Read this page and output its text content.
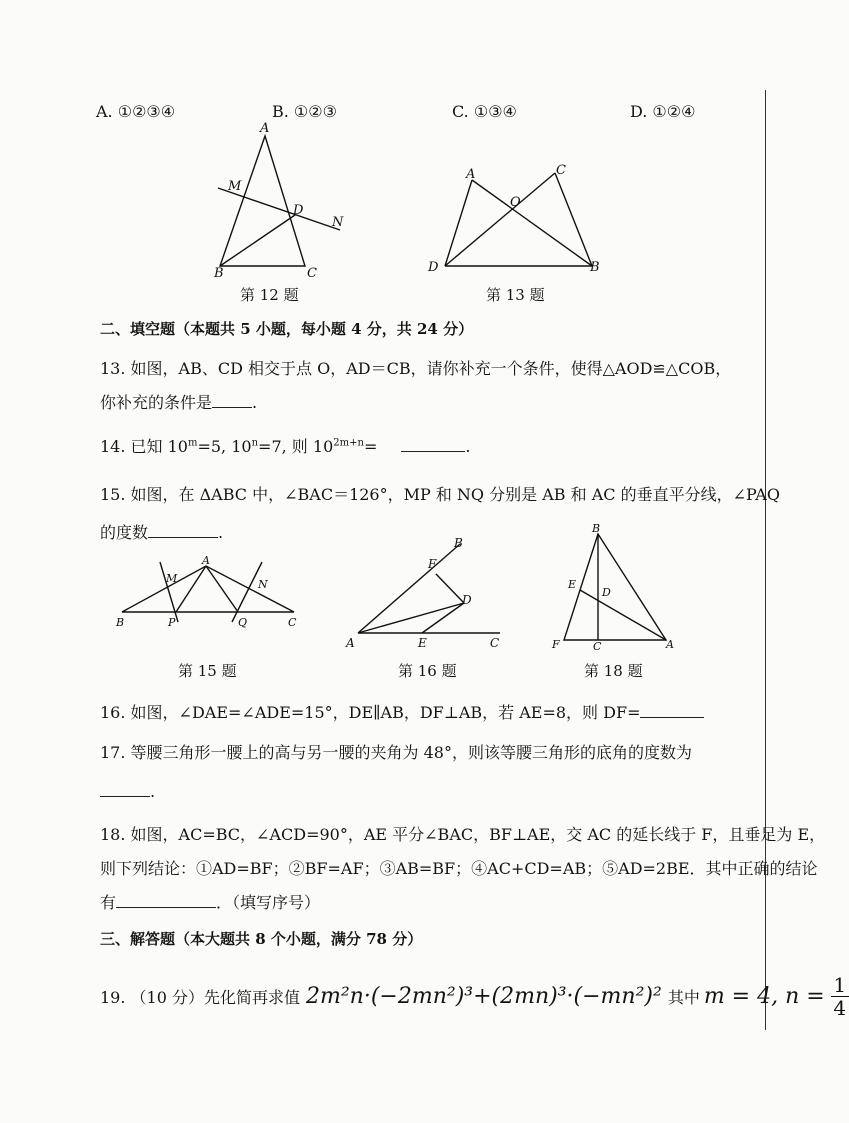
A. ①②③④	B. ①②③	C. ①③④	D. ①②④
A
M
D
N
B	C
第 12 题
A	C
O
D	B
第 13 题
二、填空题（本题共 5 小题，每小题 4 分，共 24 分）
13. 如图，AB、CD 相交于点 O，AD＝CB，请你补充一个条件，使得△AOD≌△COB，
你补充的条件是	.
14. 已知 $10^m=5$, $10^n=7$, 则 $10^{2m+n}=$	.
15. 如图，在 ΔABC 中，∠BAC＝126°，MP 和 NQ 分别是 AB 和 AC 的垂直平分线，∠PAQ
的度数	.
M
A
N
B	P	Q	C
第 15 题
B
F
D
A	E	C
第 16 题
B
E
D
F	C	A
第 18 题
16. 如图，∠DAE=∠ADE=15°，DE∥AB，DF⊥AB，若 AE=8，则 DF=
17. 等腰三角形一腰上的高与另一腰的夹角为 48°，则该等腰三角形的底角的度数为
.
18. 如图，AC=BC，∠ACD=90°，AE 平分∠BAC，BF⊥AE，交 AC 的延长线于 F，且垂足为 E，
则下列结论：①AD=BF；②BF=AF；③AB=BF；④AC+CD=AB；⑤AD=2BE．其中正确的结论
有	．（填写序号）
三、解答题（本大题共 8 个小题，满分 78 分）
19. （10 分）先化简再求值 2m²n·(−2mn²)³+(2mn)³·(−mn²)² 其中 m = 4, n = 1
4
